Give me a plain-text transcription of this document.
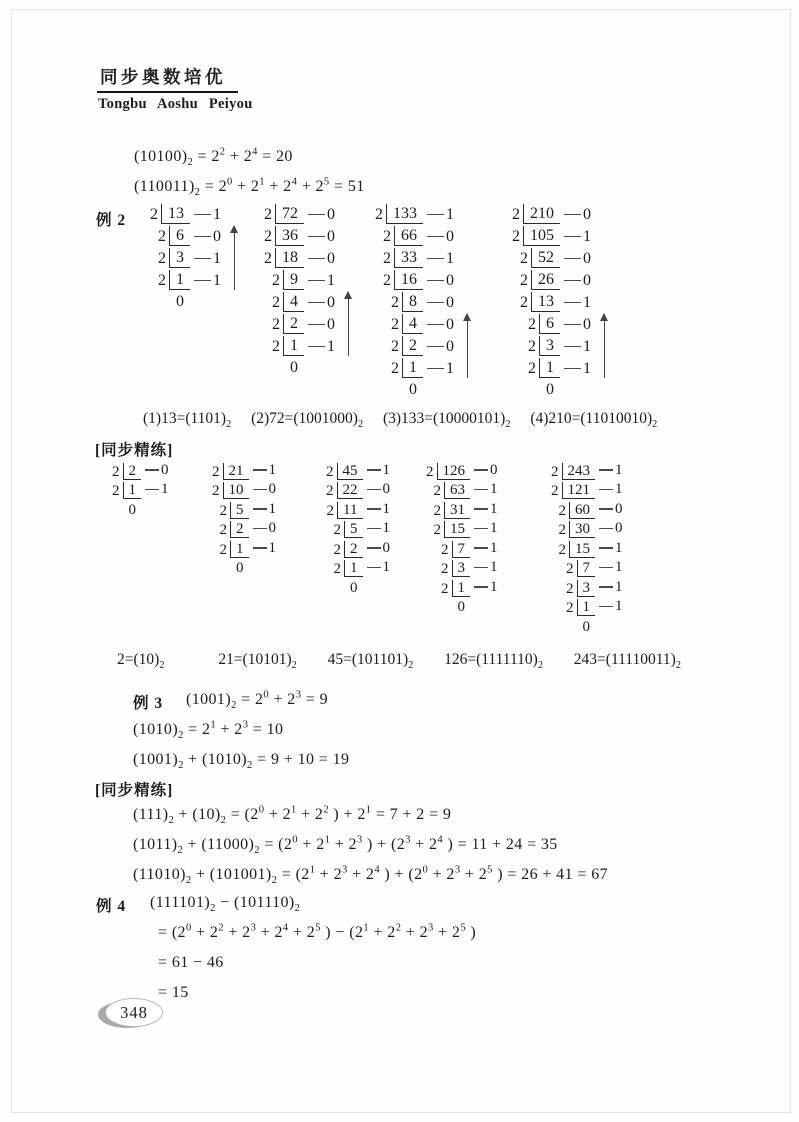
同步奥数培优
Tongbu Aoshu Peiyou
$(10100)_2 = 2^2 + 2^4 = 20$
$(110011)_2 = 2^0 + 2^1 + 2^4 + 2^5 = 51$
例 2 2 13	1
2 6	0
2 3	1
2 1	1
0
2 72	0
2 36	0
2 18	0
2 9	1
2 4	0
2 2	0
2 1	1
0
2 133	1
2 66	0
2 33	1
2 16	0
2 8	0
2 4	0
2 2	0
2 1	1
0
2 210	0
2 105	1
2 52	0
2 26	0
2 13	1
2 6	0
2 3	1
2 1	1
0
$(1)13=(1101)_2$ $(2)72=(1001000)_2$ $(3)133=(10000101)_2$ $(4)210=(11010010)_2$
[同步精练]
2 2	0
2 1	1
0
2 21	1
2 10	0
2 5	1
2 2	0
2 1	1
0
2 45	1
2 22	0
2 11	1
2 5	1
2 2	0
2 1	1
0
2 126	0
2 63	1
2 31	1
2 15	1
2 7	1
2 3	1
2 1	1
0
2 243	1
2 121	1
2 60	0
2 30	0
2 15	1
2 7	1
2 3	1
2 1	1
0
$2=(10)_2$	$21=(10101)_2$ $45=(101101)_2$ $126=(1111110)_2$ $243=(11110011)_2$
例 3 $(1001)_2 = 2^0 + 2^3 = 9$
$(1010)_2 = 2^1 + 2^3 = 10$
$(1001)_2 + (1010)_2 = 9 + 10 = 19$
[同步精练]
$(111)_2 + (10)_2 = (2^0 + 2^1 + 2^2$ ) + $2^1 = 7 + 2 = 9$
$(1011)_2 + (11000)_2 = (2^0 + 2^1 + 2^3$ ) + ($2^3 + 2^4$ ) = 11 + 24 = 35
$(11010)_2 + (101001)_2 = (2^1 + 2^3 + 2^4$ ) + ($2^0 + 2^3 + 2^5$ ) = 26 + 41 = 67
例 4 $(111101)_2 - (101110)_2$
= ($2^0 + 2^2 + 2^3 + 2^4 + 2^5$ ) − ($2^1 + 2^2 + 2^3 + 2^5$ )
= 61 − 46
= 15
348
